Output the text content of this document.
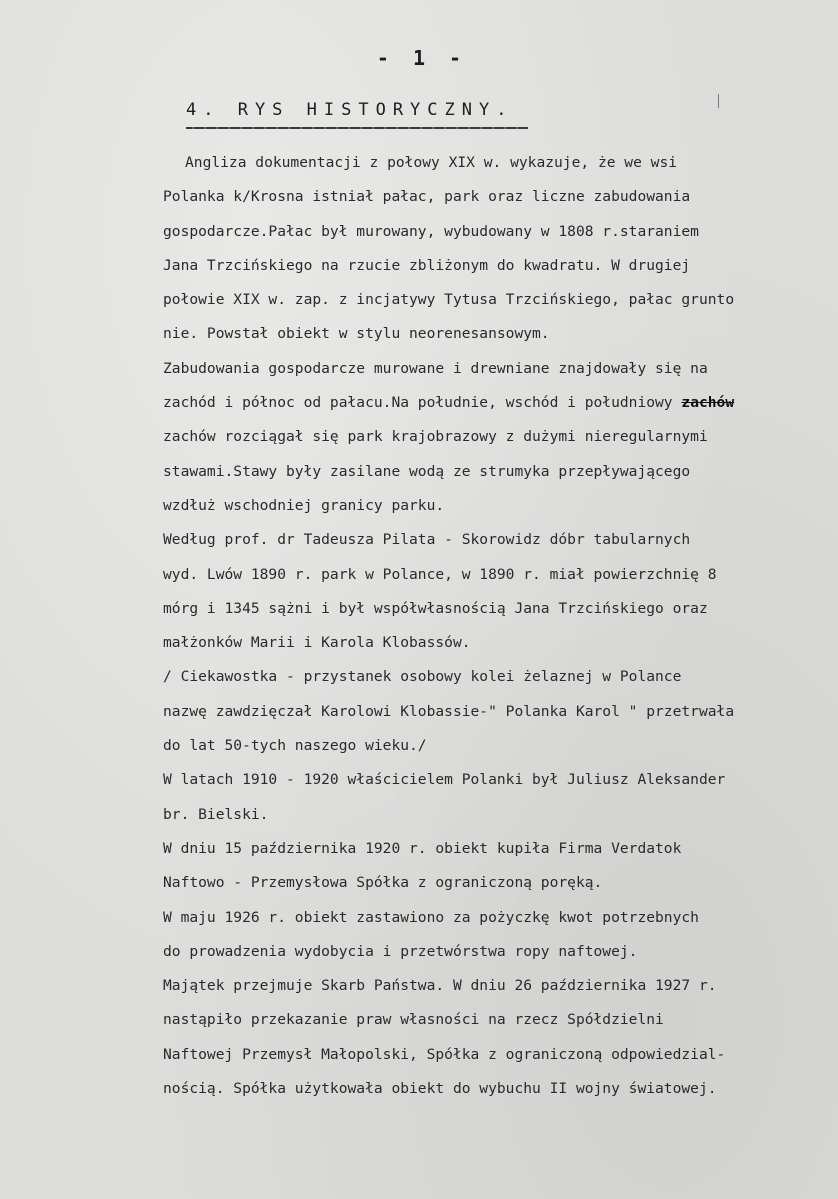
- 1 -
4. RYS HISTORYCZNY.
Angliza dokumentacji z połowy XIX w. wykazuje, że we wsi
Polanka k/Krosna istniał pałac, park oraz liczne zabudowania
gospodarcze.Pałac był murowany, wybudowany w 1808 r.staraniem
Jana Trzcińskiego na rzucie zbliżonym do kwadratu. W drugiej
połowie XIX w. zap. z incjatywy Tytusa Trzcińskiego, pałac grunto
nie. Powstał obiekt w stylu neorenesansowym.
Zabudowania gospodarcze murowane i drewniane znajdowały się na
zachód i północ od pałacu.Na południe, wschód i południowy zachów
zachów rozciągał się park krajobrazowy z dużymi nieregularnymi
stawami.Stawy były zasilane wodą ze strumyka przepływającego
wzdłuż wschodniej granicy parku.
Według prof. dr Tadeusza Pilata - Skorowidz dóbr tabularnych
wyd. Lwów 1890 r. park w Polance, w 1890 r. miał powierzchnię 8
mórg i 1345 sążni i był współwłasnością Jana Trzcińskiego oraz
małżonków Marii i Karola Klobassów.
/ Ciekawostka - przystanek osobowy kolei żelaznej w Polance
nazwę zawdzięczał Karolowi Klobassie-" Polanka Karol " przetrwała
do lat 50-tych naszego wieku./
W latach 1910 - 1920 właścicielem Polanki był Juliusz Aleksander
br. Bielski.
W dniu 15 października 1920 r. obiekt kupiła Firma Verdatok
Naftowo - Przemysłowa Spółka z ograniczoną poręką.
W maju 1926 r. obiekt zastawiono za pożyczkę kwot potrzebnych
do prowadzenia wydobycia i przetwórstwa ropy naftowej.
Majątek przejmuje Skarb Państwa. W dniu 26 października 1927 r.
nastąpiło przekazanie praw własności na rzecz Spółdzielni
Naftowej Przemysł Małopolski, Spółka z ograniczoną odpowiedzial-
nością. Spółka użytkowała obiekt do wybuchu II wojny światowej.
